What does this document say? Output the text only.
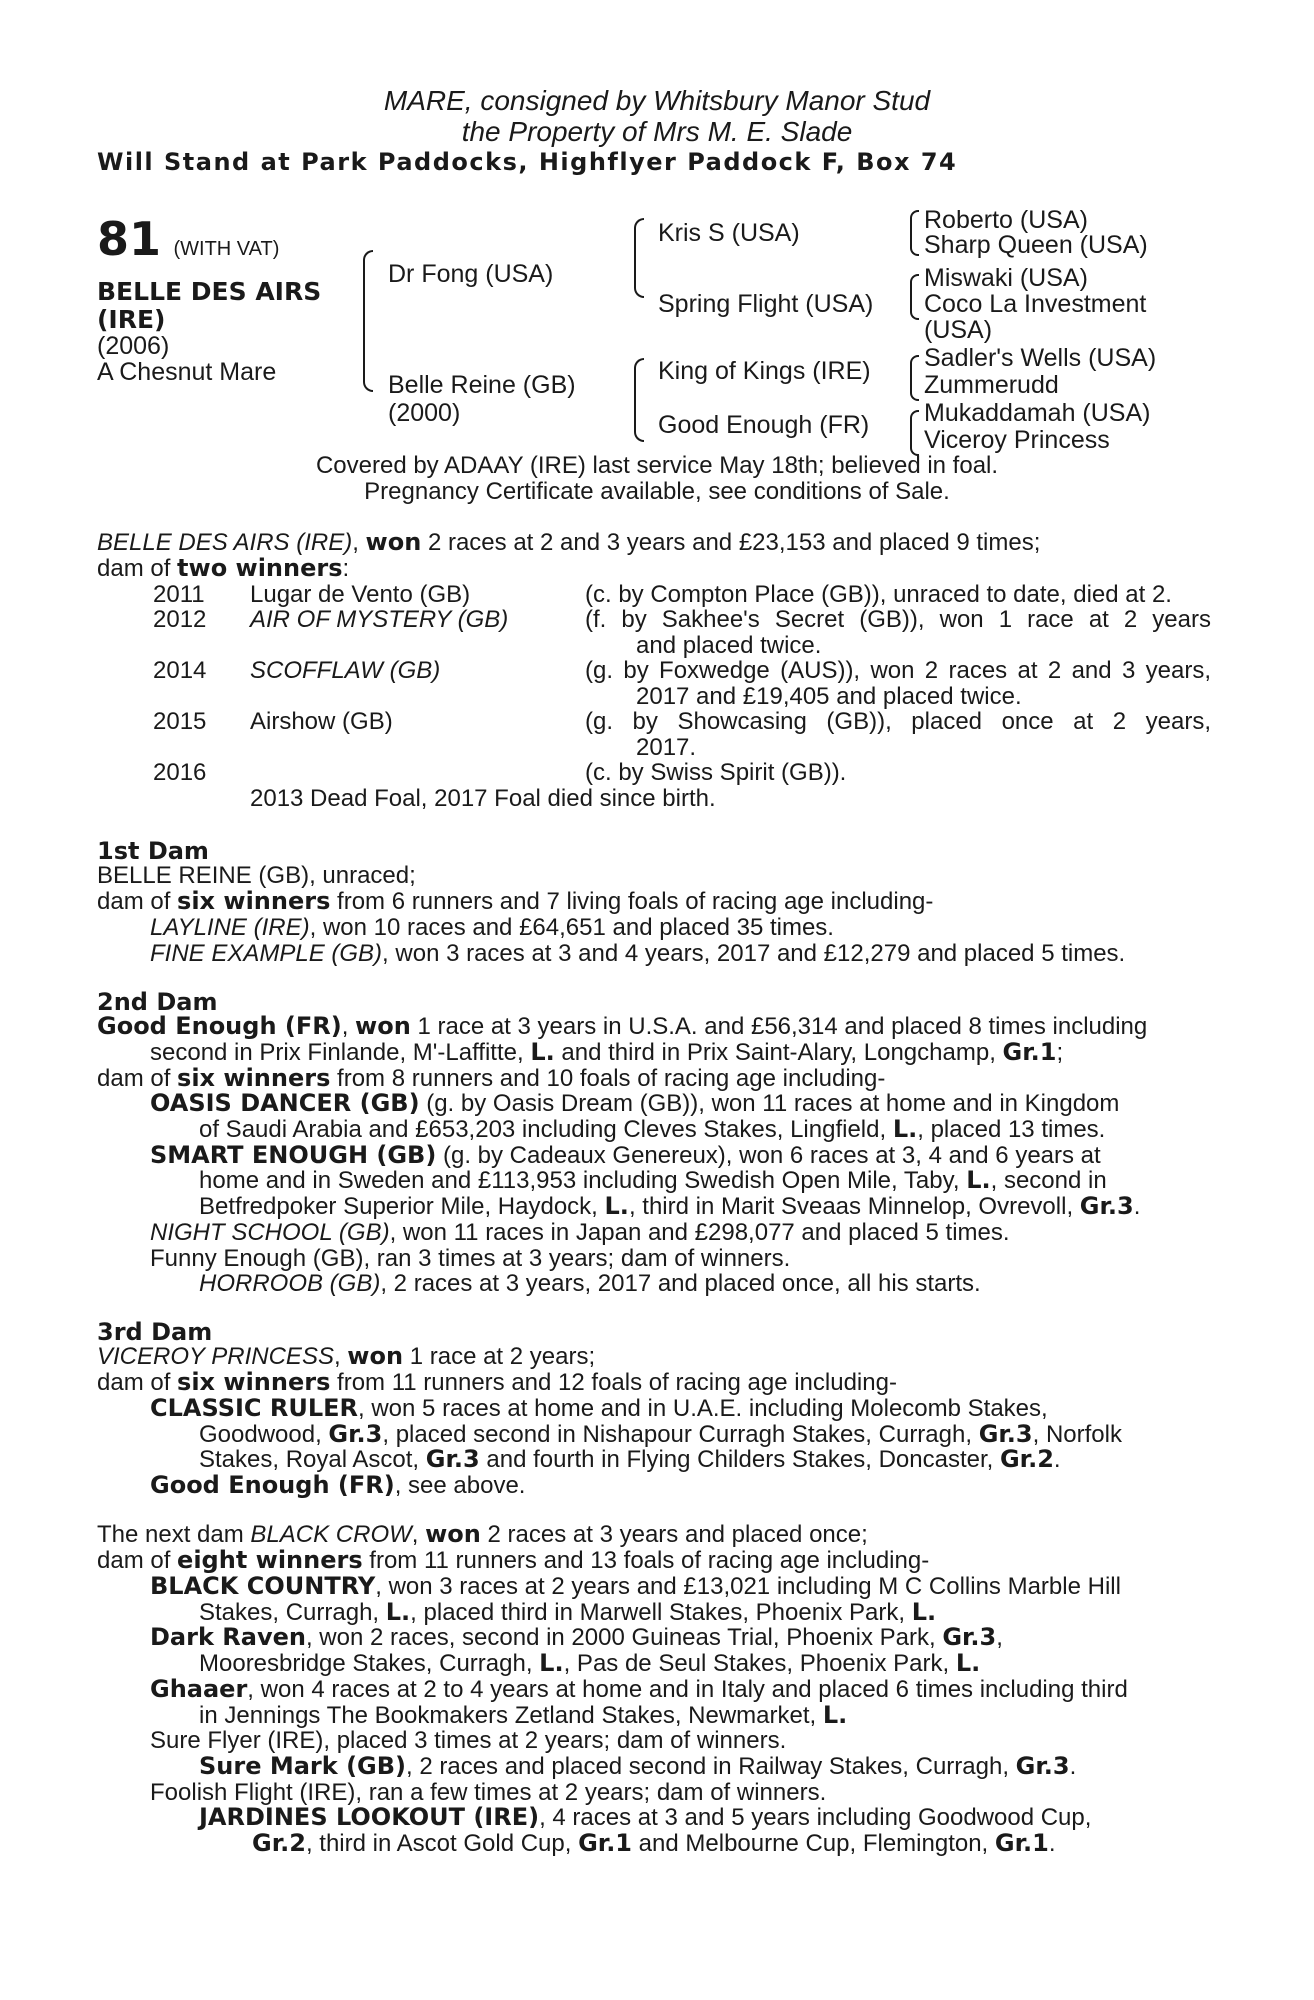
MARE, consigned by Whitsbury Manor Stud
the Property of Mrs M. E. Slade
Will Stand at Park Paddocks, Highflyer Paddock F, Box 74
81 (WITH VAT)
BELLE DES AIRS
(IRE)
(2006)
A Chesnut Mare
Dr Fong (USA)
Belle Reine (GB)
(2000)
Kris S (USA)
Spring Flight (USA)
King of Kings (IRE)
Good Enough (FR)
Roberto (USA)
Sharp Queen (USA)
Miswaki (USA)
Coco La Investment
(USA)
Sadler's Wells (USA)
Zummerudd
Mukaddamah (USA)
Viceroy Princess
Covered by ADAAY (IRE) last service May 18th; believed in foal.
Pregnancy Certificate available, see conditions of Sale.
BELLE DES AIRS (IRE), won 2 races at 2 and 3 years and £23,153 and placed 9 times;
dam of two winners:
2011 Lugar de Vento (GB)	(c. by Compton Place (GB)), unraced to date, died at 2.
2012 AIR OF MYSTERY (GB)	(f. by Sakhee's Secret (GB)), won 1 race at 2 years
and placed twice.
2014 SCOFFLAW (GB)	(g. by Foxwedge (AUS)), won 2 races at 2 and 3 years,
2017 and £19,405 and placed twice.
2015 Airshow (GB)	(g. by Showcasing (GB)), placed once at 2 years,
2017.
2016	(c. by Swiss Spirit (GB)).
2013 Dead Foal, 2017 Foal died since birth.
1st Dam
BELLE REINE (GB), unraced;
dam of six winners from 6 runners and 7 living foals of racing age including-
LAYLINE (IRE), won 10 races and £64,651 and placed 35 times.
FINE EXAMPLE (GB), won 3 races at 3 and 4 years, 2017 and £12,279 and placed 5 times.
2nd Dam
Good Enough (FR), won 1 race at 3 years in U.S.A. and £56,314 and placed 8 times including
second in Prix Finlande, M'-Laffitte, L. and third in Prix Saint-Alary, Longchamp, Gr.1;
dam of six winners from 8 runners and 10 foals of racing age including-
OASIS DANCER (GB) (g. by Oasis Dream (GB)), won 11 races at home and in Kingdom
of Saudi Arabia and £653,203 including Cleves Stakes, Lingfield, L., placed 13 times.
SMART ENOUGH (GB) (g. by Cadeaux Genereux), won 6 races at 3, 4 and 6 years at
home and in Sweden and £113,953 including Swedish Open Mile, Taby, L., second in
Betfredpoker Superior Mile, Haydock, L., third in Marit Sveaas Minnelop, Ovrevoll, Gr.3.
NIGHT SCHOOL (GB), won 11 races in Japan and £298,077 and placed 5 times.
Funny Enough (GB), ran 3 times at 3 years; dam of winners.
HORROOB (GB), 2 races at 3 years, 2017 and placed once, all his starts.
3rd Dam
VICEROY PRINCESS, won 1 race at 2 years;
dam of six winners from 11 runners and 12 foals of racing age including-
CLASSIC RULER, won 5 races at home and in U.A.E. including Molecomb Stakes,
Goodwood, Gr.3, placed second in Nishapour Curragh Stakes, Curragh, Gr.3, Norfolk
Stakes, Royal Ascot, Gr.3 and fourth in Flying Childers Stakes, Doncaster, Gr.2.
Good Enough (FR), see above.
The next dam BLACK CROW, won 2 races at 3 years and placed once;
dam of eight winners from 11 runners and 13 foals of racing age including-
BLACK COUNTRY, won 3 races at 2 years and £13,021 including M C Collins Marble Hill
Stakes, Curragh, L., placed third in Marwell Stakes, Phoenix Park, L.
Dark Raven, won 2 races, second in 2000 Guineas Trial, Phoenix Park, Gr.3,
Mooresbridge Stakes, Curragh, L., Pas de Seul Stakes, Phoenix Park, L.
Ghaaer, won 4 races at 2 to 4 years at home and in Italy and placed 6 times including third
in Jennings The Bookmakers Zetland Stakes, Newmarket, L.
Sure Flyer (IRE), placed 3 times at 2 years; dam of winners.
Sure Mark (GB), 2 races and placed second in Railway Stakes, Curragh, Gr.3.
Foolish Flight (IRE), ran a few times at 2 years; dam of winners.
JARDINES LOOKOUT (IRE), 4 races at 3 and 5 years including Goodwood Cup,
Gr.2, third in Ascot Gold Cup, Gr.1 and Melbourne Cup, Flemington, Gr.1.
